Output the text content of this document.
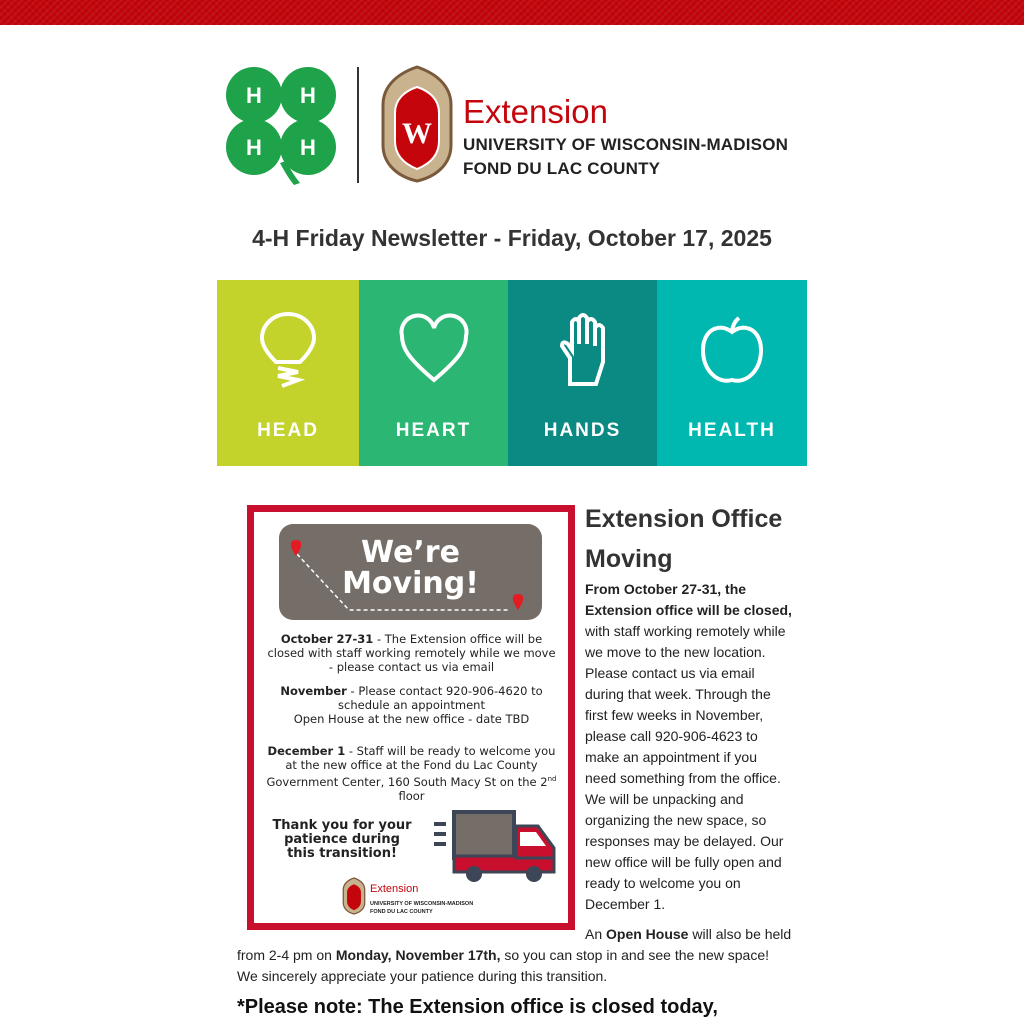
H H
H H	W
Extension
UNIVERSITY OF WISCONSIN-MADISON
FOND DU LAC COUNTY
4-H Friday Newsletter - Friday, October 17, 2025
HEAD	HEART	HANDS	HEALTH
We’re
Moving!
October 27-31 - The Extension office will be closed with staff working remotely while we move - please contact us via email
November - Please contact 920-906-4620 to schedule an appointment
Open House at the new office - date TBD
December 1 - Staff will be ready to welcome you at the new office at the Fond du Lac County Government Center, 160 South Macy St on the 2nd floor
Thank you for your patience during this transition!
Extension
UNIVERSITY OF WISCONSIN-MADISON
FOND DU LAC COUNTY
Extension Office Moving

From October 27-31, the Extension office will be closed, with staff working remotely while we move to the new location. Please contact us via email during that week. Through the first few weeks in November, please call 920-906-4623 to make an appointment if you need something from the office. We will be unpacking and organizing the new space, so responses may be delayed. Our new office will be fully open and ready to welcome you on December 1.

An Open House will also be held from 2-4 pm on Monday, November 17th, so you can stop in and see the new space! We sincerely appreciate your patience during this transition.

*Please note: The Extension office is closed today,
